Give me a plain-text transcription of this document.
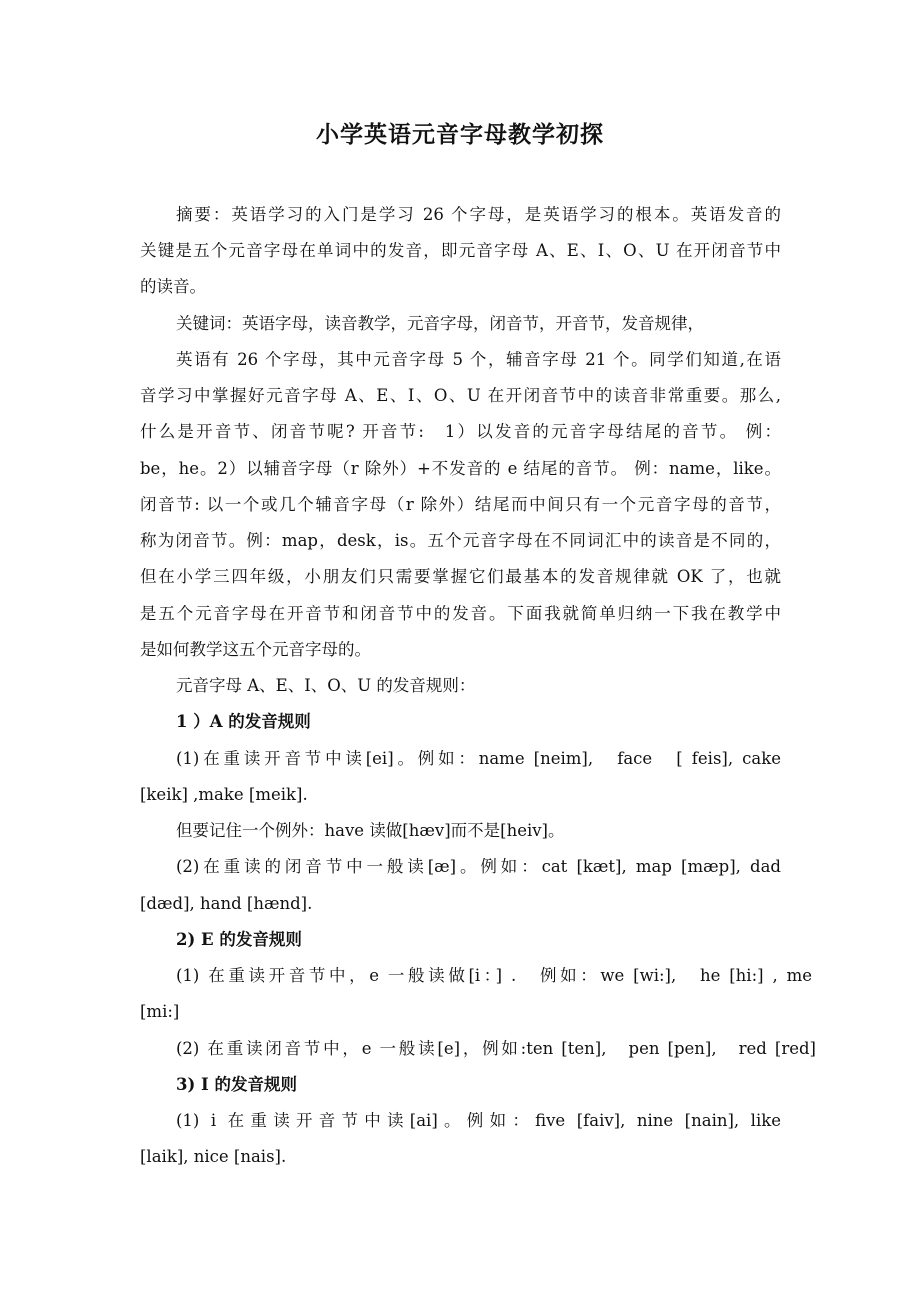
小学英语元音字母教学初探
摘要：英语学习的入门是学习 26 个字母，是英语学习的根本。英语发音的
关键是五个元音字母在单词中的发音，即元音字母 A、E、I、O、U 在开闭音节中
的读音。
关键词：英语字母，读音教学，元音字母，闭音节，开音节，发音规律，
英语有 26 个字母，其中元音字母 5 个，辅音字母 21 个。同学们知道,在语
音学习中掌握好元音字母 A、E、I、O、U 在开闭音节中的读音非常重要。那么,
什么是开音节、闭音节呢? 开音节:　1）以发音的元音字母结尾的音节。 例：
be，he。2）以辅音字母（r 除外）+不发音的 e 结尾的音节。 例：name，like。
闭音节: 以一个或几个辅音字母（r 除外）结尾而中间只有一个元音字母的音节，
称为闭音节。例：map，desk，is。五个元音字母在不同词汇中的读音是不同的，
但在小学三四年级，小朋友们只需要掌握它们最基本的发音规律就 OK 了，也就
是五个元音字母在开音节和闭音节中的发音。下面我就简单归纳一下我在教学中
是如何教学这五个元音字母的。
元音字母 A、E、I、O、U 的发音规则：
1 ）A 的发音规则
(1)在重读开音节中读[ei]。例如：name [neim],　face　[ feis], cake
[keik] ,make [meik].
但要记住一个例外：have 读做[hæv]而不是[heiv]。
(2)在重读的闭音节中一般读[æ]。例如：cat [kæt], map [mæp], dad
[dæd], hand [hænd].
2) E 的发音规则
(1) 在重读开音节中，e 一般读做[i：] .　例如：we [wi:],　he [hi:] , me
[mi:]
(2) 在重读闭音节中，e 一般读[e]，例如:ten [ten],　pen [pen],　red [red]
3) I 的发音规则
(1) i 在重读开音节中读[ai]。例如：five [faiv], nine [nain], like
[laik], nice [nais].
